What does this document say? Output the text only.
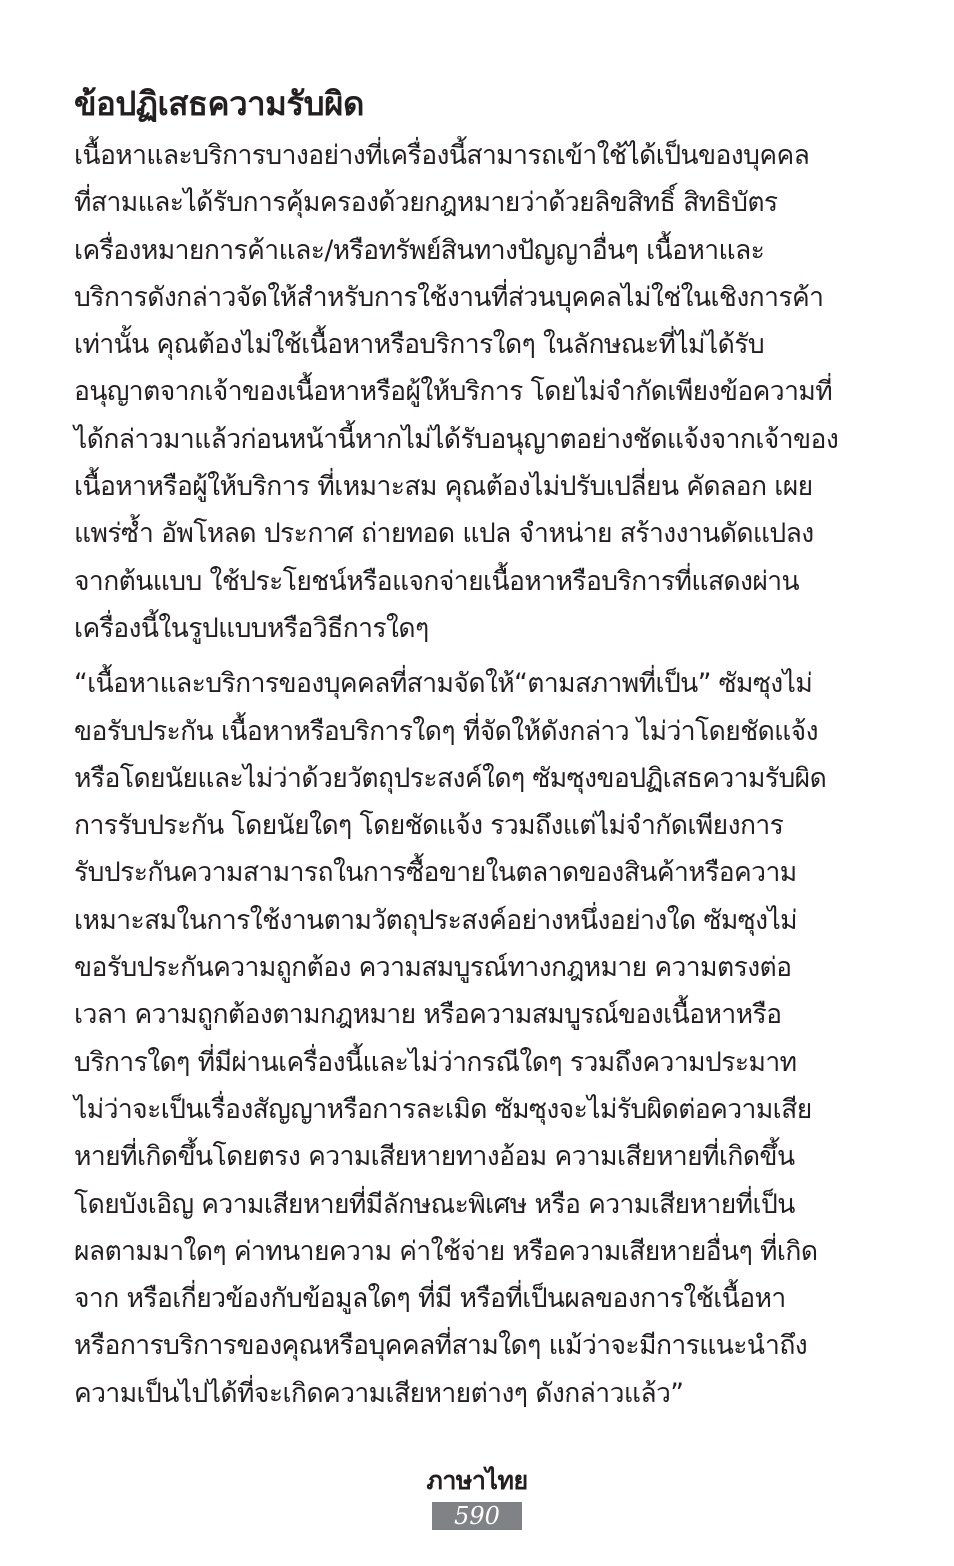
ข้อปฏิเสธความรับผิด

เนื้อหาและบริการบางอย่างที่เครื่องนี้สามารถเข้าใช้ได้เป็นของบุคคล
ที่สามและได้รับการคุ้มครองด้วยกฎหมายว่าด้วยลิขสิทธิ์ สิทธิบัตร
เครื่องหมายการค้าและ/หรือทรัพย์สินทางปัญญาอื่นๆ เนื้อหาและ
บริการดังกล่าวจัดให้สำหรับการใช้งานที่ส่วนบุคคลไม่ใช่ในเชิงการค้า
เท่านั้น คุณต้องไม่ใช้เนื้อหาหรือบริการใดๆ ในลักษณะที่ไม่ได้รับ
อนุญาตจากเจ้าของเนื้อหาหรือผู้ให้บริการ โดยไม่จำกัดเพียงข้อความที่
ได้กล่าวมาแล้วก่อนหน้านี้หากไม่ได้รับอนุญาตอย่างชัดแจ้งจากเจ้าของ
เนื้อหาหรือผู้ให้บริการ ที่เหมาะสม คุณต้องไม่ปรับเปลี่ยน คัดลอก เผย
แพร่ซ้ำ อัพโหลด ประกาศ ถ่ายทอด แปล จำหน่าย สร้างงานดัดแปลง
จากต้นแบบ ใช้ประโยชน์หรือแจกจ่ายเนื้อหาหรือบริการที่แสดงผ่าน
เครื่องนี้ในรูปแบบหรือวิธีการใดๆ

“เนื้อหาและบริการของบุคคลที่สามจัดให้“ตามสภาพที่เป็น” ซัมซุงไม่
ขอรับประกัน เนื้อหาหรือบริการใดๆ ที่จัดให้ดังกล่าว ไม่ว่าโดยชัดแจ้ง
หรือโดยนัยและไม่ว่าด้วยวัตถุประสงค์ใดๆ ซัมซุงขอปฏิเสธความรับผิด
การรับประกัน โดยนัยใดๆ โดยชัดแจ้ง รวมถึงแต่ไม่จำกัดเพียงการ
รับประกันความสามารถในการซื้อขายในตลาดของสินค้าหรือความ
เหมาะสมในการใช้งานตามวัตถุประสงค์อย่างหนึ่งอย่างใด ซัมซุงไม่
ขอรับประกันความถูกต้อง ความสมบูรณ์ทางกฎหมาย ความตรงต่อ
เวลา ความถูกต้องตามกฎหมาย หรือความสมบูรณ์ของเนื้อหาหรือ
บริการใดๆ ที่มีผ่านเครื่องนี้และไม่ว่ากรณีใดๆ รวมถึงความประมาท
ไม่ว่าจะเป็นเรื่องสัญญาหรือการละเมิด ซัมซุงจะไม่รับผิดต่อความเสีย
หายที่เกิดขึ้นโดยตรง ความเสียหายทางอ้อม ความเสียหายที่เกิดขึ้น
โดยบังเอิญ ความเสียหายที่มีลักษณะพิเศษ หรือ ความเสียหายที่เป็น
ผลตามมาใดๆ ค่าทนายความ ค่าใช้จ่าย หรือความเสียหายอื่นๆ ที่เกิด
จาก หรือเกี่ยวข้องกับข้อมูลใดๆ ที่มี หรือที่เป็นผลของการใช้เนื้อหา
หรือการบริการของคุณหรือบุคคลที่สามใดๆ แม้ว่าจะมีการแนะนำถึง
ความเป็นไปได้ที่จะเกิดความเสียหายต่างๆ ดังกล่าวแล้ว”

ภาษาไทย
590
